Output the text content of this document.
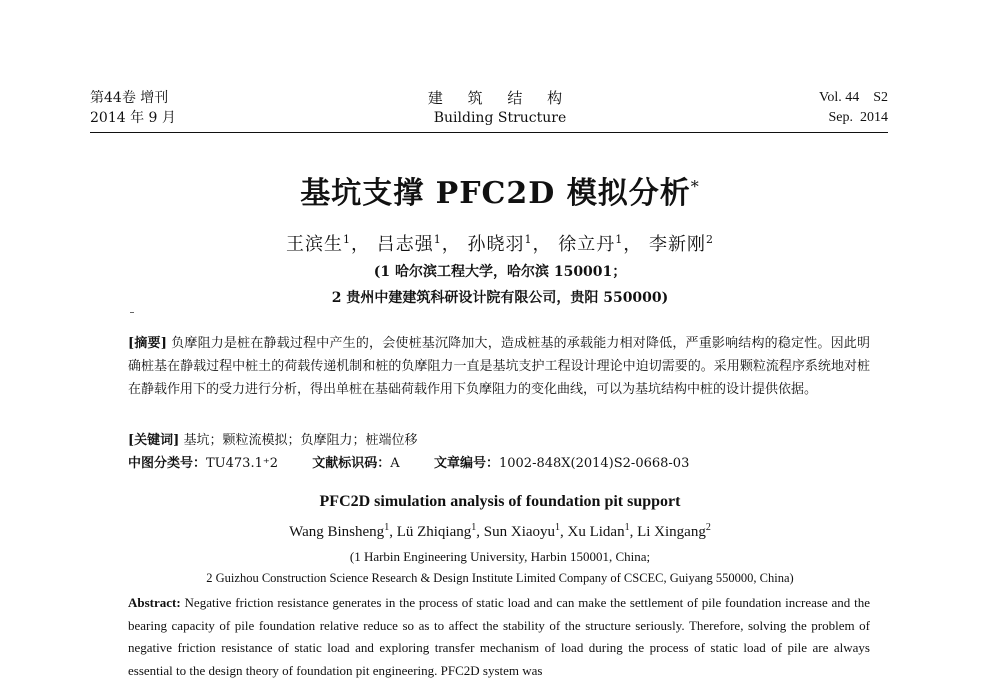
第44卷 增刊
2014 年 9 月
建 筑 结 构
Building Structure
Vol. 44    S2
Sep.  2014
基坑支撑 PFC2D 模拟分析*
王滨生$^1$， 吕志强$^1$， 孙晓羽$^1$， 徐立丹$^1$， 李新刚$^2$
(1 哈尔滨工程大学，哈尔滨 150001；
2 贵州中建建筑科研设计院有限公司，贵阳 550000)
[摘要] 负摩阻力是桩在静载过程中产生的，会使桩基沉降加大，造成桩基的承载能力相对降低，严重影响结构的稳定性。因此明确桩基在静载过程中桩土的荷载传递机制和桩的负摩阻力一直是基坑支护工程设计理论中迫切需要的。采用颗粒流程序系统地对桩在静载作用下的受力进行分析，得出单桩在基础荷载作用下负摩阻力的变化曲线，可以为基坑结构中桩的设计提供依据。
[关键词] 基坑；颗粒流模拟；负摩阻力；桩端位移
中图分类号：TU473.1⁺2	文献标识码：A	文章编号：1002-848X(2014)S2-0668-03
PFC2D simulation analysis of foundation pit support
Wang Binsheng$^1$, Lü Zhiqiang$^1$, Sun Xiaoyu$^1$, Xu Lidan$^1$, Li Xingang$^2$
(1 Harbin Engineering University, Harbin 150001, China;
2 Guizhou Construction Science Research & Design Institute Limited Company of CSCEC, Guiyang 550000, China)
Abstract: Negative friction resistance generates in the process of static load and can make the settlement of pile foundation increase and the bearing capacity of pile foundation relative reduce so as to affect the stability of the structure seriously. Therefore, solving the problem of negative friction resistance of static load and exploring transfer mechanism of load during the process of static load of pile are always essential to the design theory of foundation pit engineering. PFC2D system was
